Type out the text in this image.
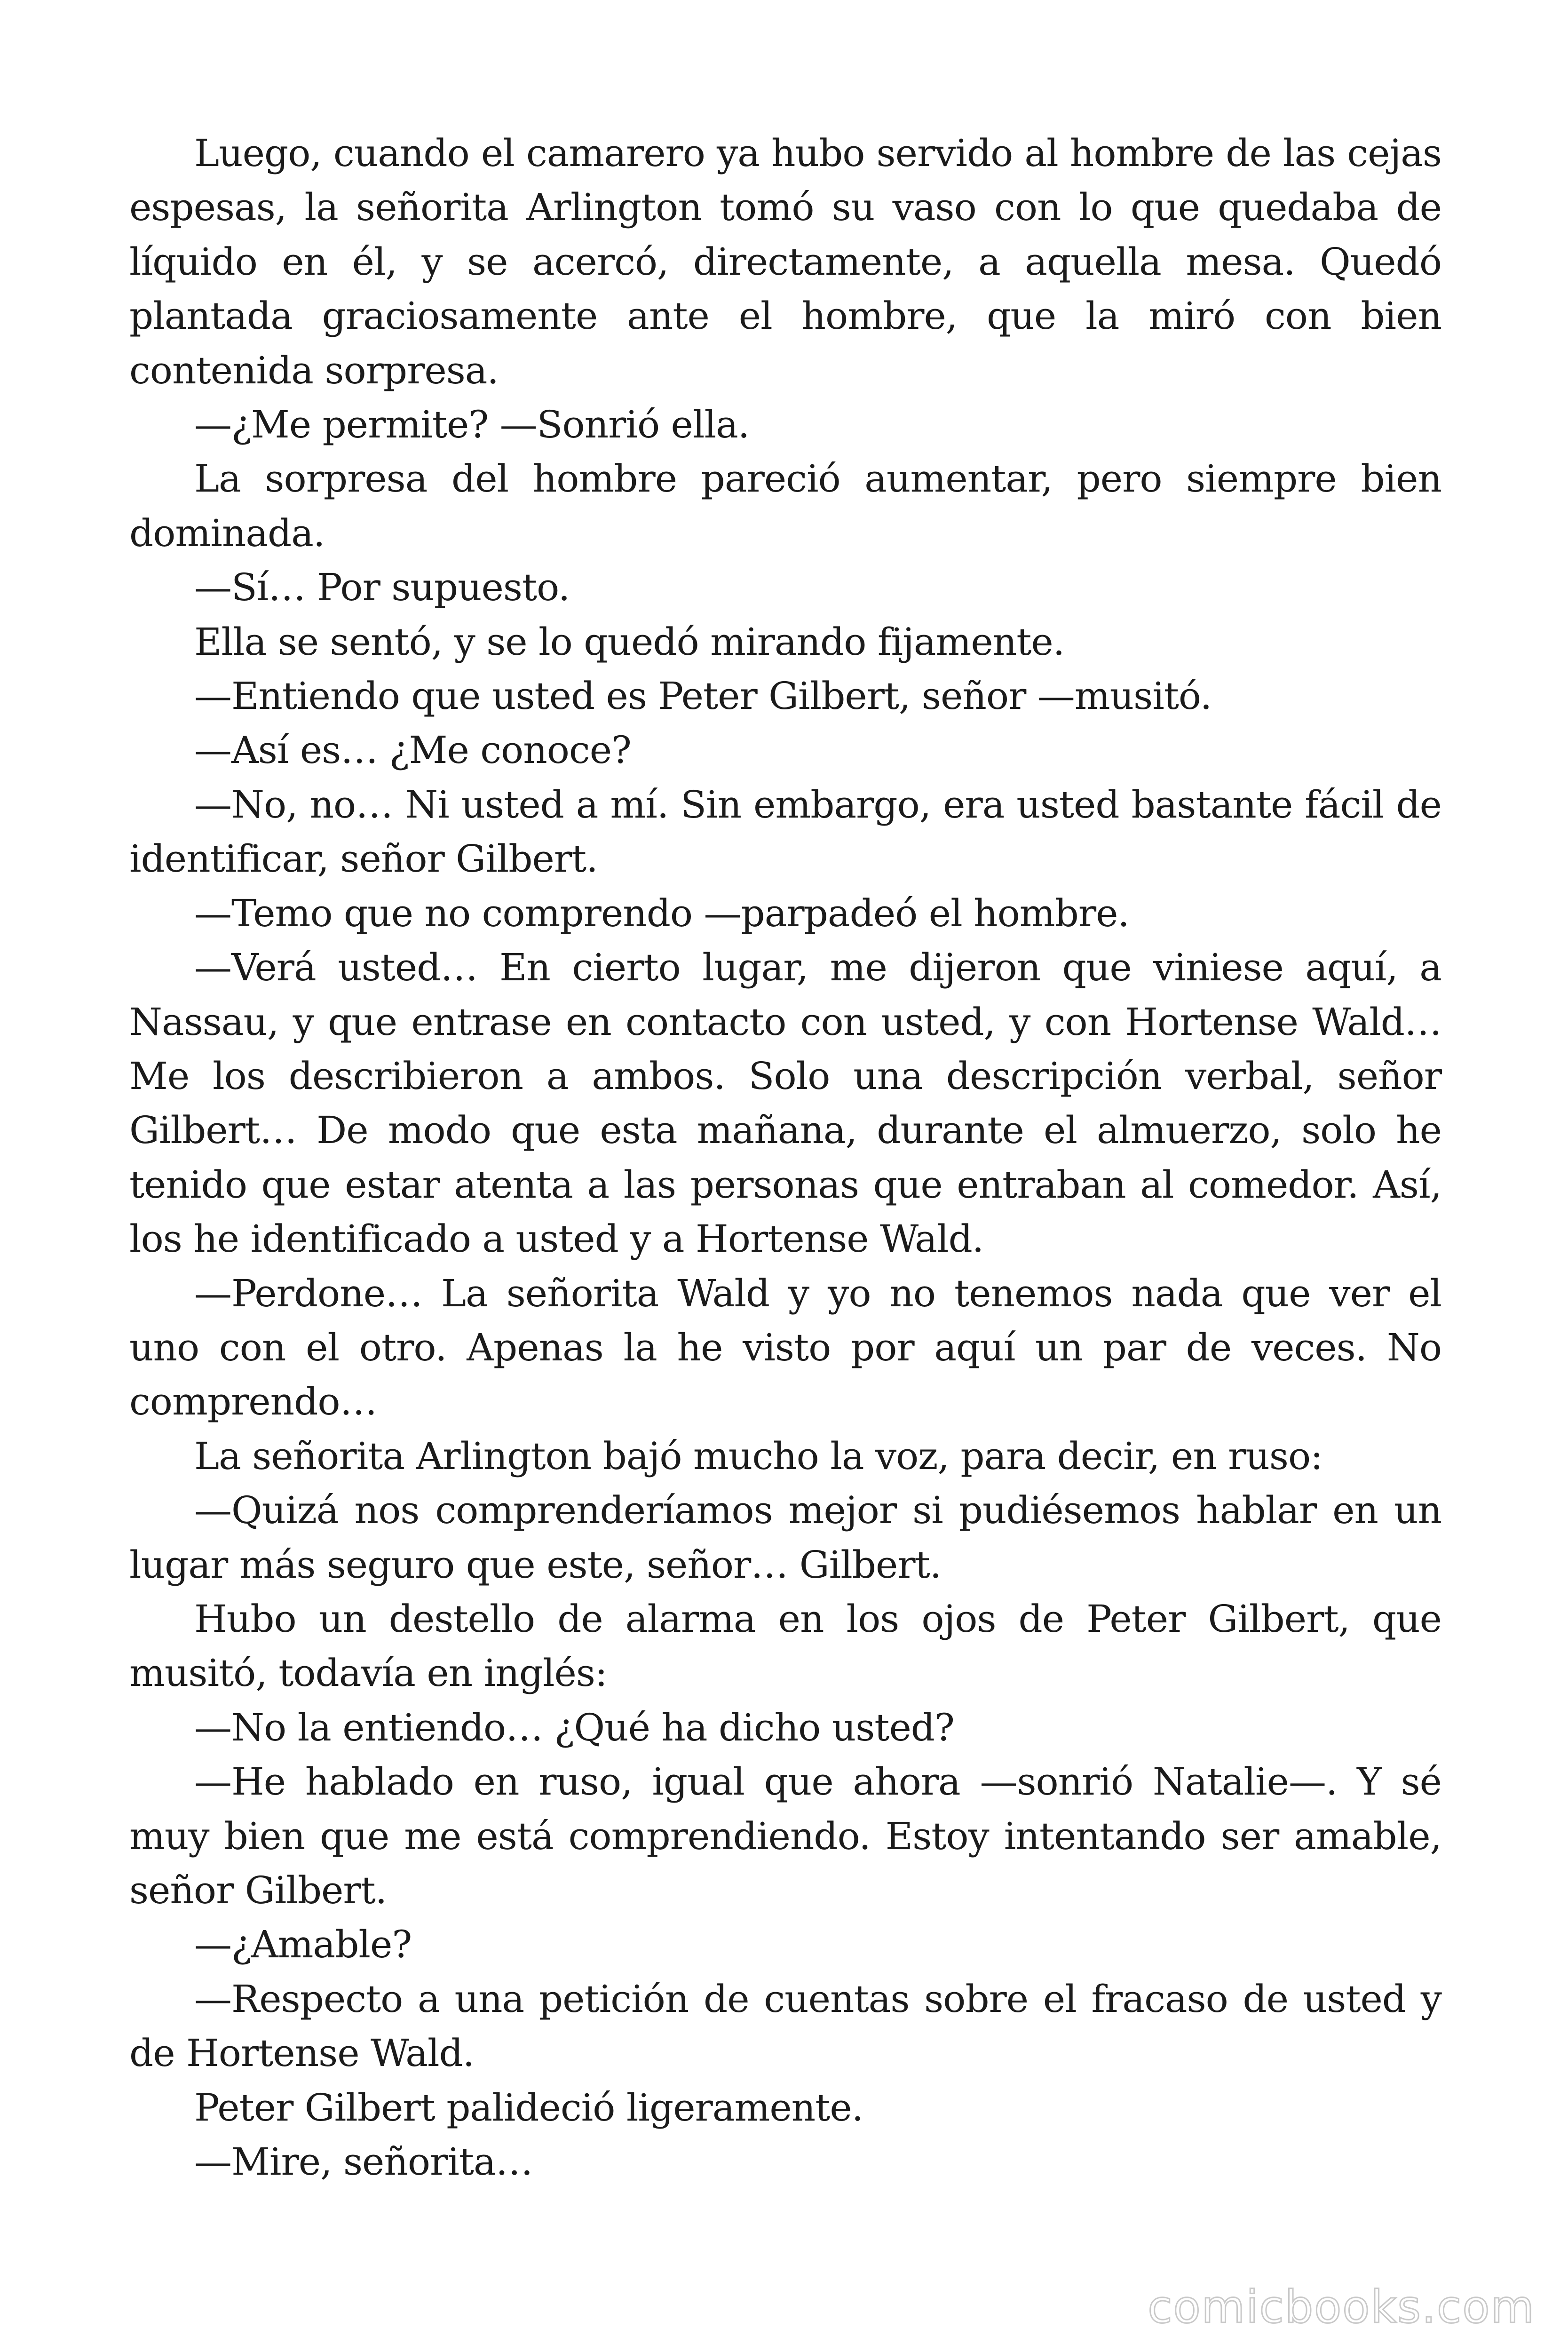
Luego, cuando el camarero ya hubo servido al hombre de las cejas espesas, la señorita Arlington tomó su vaso con lo que quedaba de líquido en él, y se acercó, directamente, a aquella mesa. Quedó plantada graciosamente ante el hombre, que la miró con bien contenida sorpresa.

—¿Me permite? —Sonrió ella.

La sorpresa del hombre pareció aumentar, pero siempre bien dominada.

—Sí… Por supuesto.

Ella se sentó, y se lo quedó mirando fijamente.

—Entiendo que usted es Peter Gilbert, señor —musitó.

—Así es… ¿Me conoce?

—No, no… Ni usted a mí. Sin embargo, era usted bastante fácil de identificar, señor Gilbert.

—Temo que no comprendo —parpadeó el hombre.

—Verá usted… En cierto lugar, me dijeron que viniese aquí, a Nassau, y que entrase en contacto con usted, y con Hortense Wald… Me los describieron a ambos. Solo una descripción verbal, señor Gilbert… De modo que esta mañana, durante el almuerzo, solo he tenido que estar atenta a las personas que entraban al comedor. Así, los he identificado a usted y a Hortense Wald.

—Perdone… La señorita Wald y yo no tenemos nada que ver el uno con el otro. Apenas la he visto por aquí un par de veces. No comprendo…

La señorita Arlington bajó mucho la voz, para decir, en ruso:

—Quizá nos comprenderíamos mejor si pudiésemos hablar en un lugar más seguro que este, señor… Gilbert.

Hubo un destello de alarma en los ojos de Peter Gilbert, que musitó, todavía en inglés:

—No la entiendo… ¿Qué ha dicho usted?

—He hablado en ruso, igual que ahora —sonrió Natalie—. Y sé muy bien que me está comprendiendo. Estoy intentando ser amable, señor Gilbert.

—¿Amable?

—Respecto a una petición de cuentas sobre el fracaso de usted y de Hortense Wald.

Peter Gilbert palideció ligeramente.

—Mire, señorita…

comicbooks.com
